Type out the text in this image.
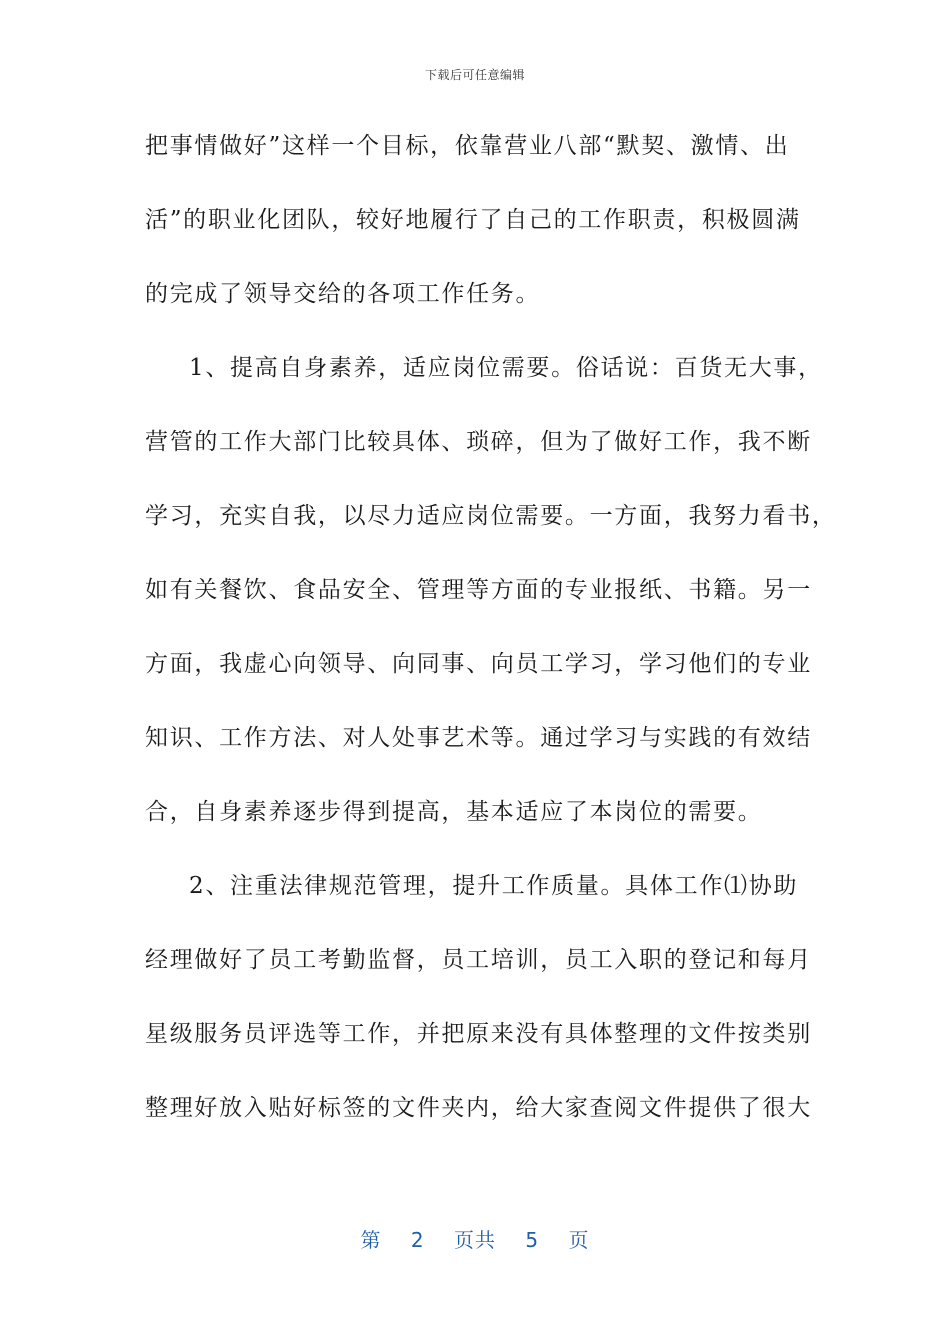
下载后可任意编辑
把事情做好”这样一个目标，依靠营业八部“默契、激情、出
活”的职业化团队，较好地履行了自己的工作职责，积极圆满
的完成了领导交给的各项工作任务。
1、提高自身素养，适应岗位需要。俗话说：百货无大事，
营管的工作大部门比较具体、琐碎，但为了做好工作，我不断
学习，充实自我，以尽力适应岗位需要。一方面，我努力看书，
如有关餐饮、食品安全、管理等方面的专业报纸、书籍。另一
方面，我虚心向领导、向同事、向员工学习，学习他们的专业
知识、工作方法、对人处事艺术等。通过学习与实践的有效结
合，自身素养逐步得到提高，基本适应了本岗位的需要。
2、注重法律规范管理，提升工作质量。具体工作⑴协助
经理做好了员工考勤监督，员工培训，员工入职的登记和每月
星级服务员评选等工作，并把原来没有具体整理的文件按类别
整理好放入贴好标签的文件夹内，给大家查阅文件提供了很大
第 2 页共 5 页
